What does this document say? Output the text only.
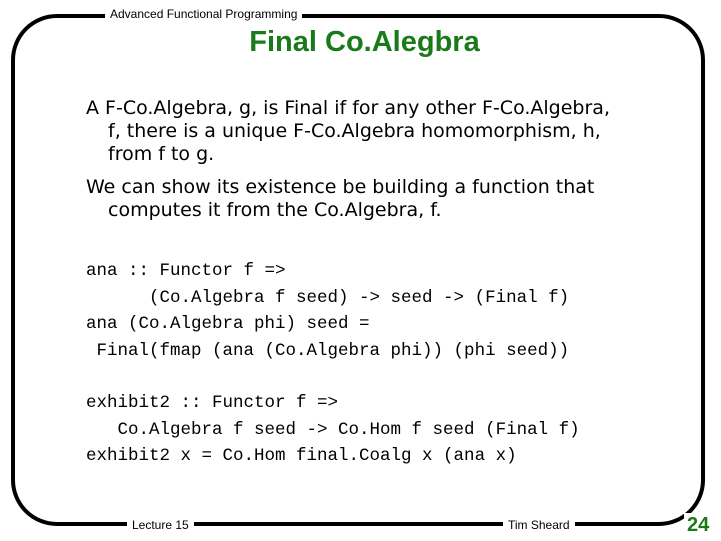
Advanced Functional Programming
Final Co.Alegbra
A F-Co.Algebra, g, is Final if for any other F-Co.Algebra, f, there is a unique F-Co.Algebra homomorphism, h, from f to g.
We can show its existence be building a function that computes it from the Co.Algebra, f.
ana :: Functor f =>
(Co.Algebra f seed) -> seed -> (Final f)
ana (Co.Algebra phi) seed =
Final(fmap (ana (Co.Algebra phi)) (phi seed))
exhibit2 :: Functor f =>
Co.Algebra f seed -> Co.Hom f seed (Final f)
exhibit2 x = Co.Hom final.Coalg x (ana x)
Lecture 15	Tim Sheard	24
